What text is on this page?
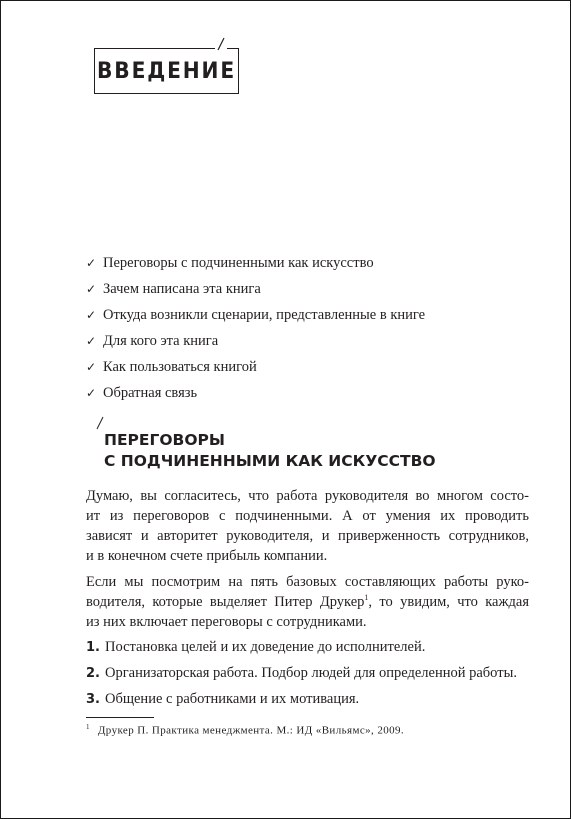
ВВЕДЕНИЕ
✓ Переговоры с подчиненными как искусство
✓ Зачем написана эта книга
✓ Откуда возникли сценарии, представленные в книге
✓ Для кого эта книга
✓ Как пользоваться книгой
✓ Обратная связь
ПЕРЕГОВОРЫ
С ПОДЧИНЕННЫМИ КАК ИСКУССТВО

Думаю, вы согласитесь, что работа руководителя во многом состо-
ит из переговоров с подчиненными. А от умения их проводить
зависят и авторитет руководителя, и приверженность сотрудников,
и в конечном счете прибыль компании.

Если мы посмотрим на пять базовых составляющих работы руко-
водителя, которые выделяет Питер Друкер$^1$, то увидим, что каждая
из них включает переговоры с сотрудниками.

1. Постановка целей и их доведение до исполнителей.
2. Организаторская работа. Подбор людей для определенной работы.
3. Общение с работниками и их мотивация.
$^1$ Друкер П. Практика менеджмента. М.: ИД «Вильямс», 2009.
